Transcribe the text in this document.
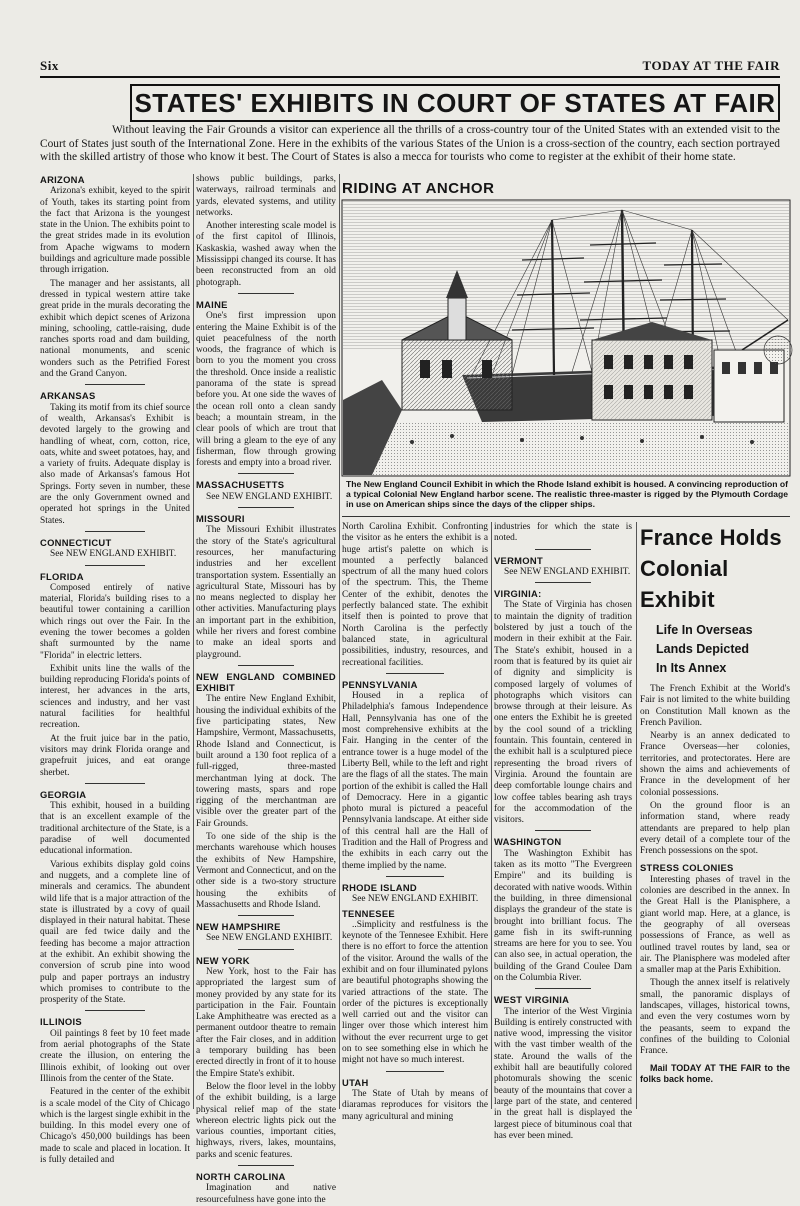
Six	TODAY AT THE FAIR
STATES' EXHIBITS IN COURT OF STATES AT FAIR

Without leaving the Fair Grounds a visitor can experience all the thrills of a cross-country tour of the United States with an extended visit to the Court of States just south of the International Zone. Here in the exhibits of the various States of the Union is a cross-section of the country, each section portrayed with the skilled artistry of those who know it best. The Court of States is also a mecca for tourists who come to register at the exhibit of their home state.

ARIZONA

Arizona's exhibit, keyed to the spirit of Youth, takes its starting point from the fact that Arizona is the youngest state in the Union. The exhibits point to the great strides made in its evolution from Apache wigwams to modern buildings and agriculture made possible through irrigation.

The manager and her assistants, all dressed in typical western attire take great pride in the murals decorating the exhibit which depict scenes of Arizona mining, schooling, cattle-raising, dude ranches sports road and dam building, national monuments, and scenic wonders such as the Petrified Forest and the Grand Canyon.

ARKANSAS

Taking its motif from its chief source of wealth, Arkansas's Exhibit is devoted largely to the growing and handling of wheat, corn, cotton, rice, oats, white and sweet potatoes, hay, and a variety of fruits. Adequate display is also made of Arkansas's famous Hot Springs. Forty seven in number, these are the only Government owned and operated hot springs in the United States.

CONNECTICUT

See NEW ENGLAND EXHIBIT.

FLORIDA

Composed entirely of native material, Florida's building rises to a beautiful tower containing a carillion which rings out over the Fair. In the evening the tower becomes a golden shaft surmounted by the name "Florida" in electric letters.

Exhibit units line the walls of the building reproducing Florida's points of interest, her advances in the arts, sciences and industry, and her vast natural facilities for healthful recreation.

At the fruit juice bar in the patio, visitors may drink Florida orange and grapefruit juices, and eat orange sherbet.

GEORGIA

This exhibit, housed in a building that is an excellent example of the traditional architecture of the State, is a paradise of well documented educational information.

Various exhibits display gold coins and nuggets, and a complete line of minerals and ceramics. The abundent wild life that is a major attraction of the state is illustrated by a covy of quail displayed in their natural habitat. These quail are fed twice daily and the feeding has become a major attraction at the exhibit. An exhibit showing the conversion of scrub pine into wood pulp and paper portrays an industry which promises to contribute to the prosperity of the State.

ILLINOIS

Oil paintings 8 feet by 10 feet made from aerial photographs of the State create the illusion, on entering the Illinois exhibit, of looking out over Illinois from the center of the State.

Featured in the center of the exhibit is a scale model of the City of Chicago which is the largest single exhibit in the building. In this model every one of Chicago's 450,000 buildings has been made to scale and placed in location. It is fully detailed and

shows public buildings, parks, waterways, railroad terminals and yards, elevated systems, and utility networks.

Another interesting scale model is of the first capitol of Illinois, Kaskaskia, washed away when the Mississippi changed its course. It has been reconstructed from an old photograph.

MAINE

One's first impression upon entering the Maine Exhibit is of the quiet peacefulness of the north woods, the fragrance of which is born to you the moment you cross the threshold. Once inside a realistic panorama of the state is spread before you. At one side the waves of the ocean roll onto a clean sandy beach; a mountain stream, in the clear pools of which are trout that will bring a gleam to the eye of any fisherman, flow through growing forests and empty into a broad river.

MASSACHUSETTS

See NEW ENGLAND EXHIBIT.

MISSOURI

The Missouri Exhibit illustrates the story of the State's agricultural resources, her manufacturing industries and her excellent transportation system. Essentially an agricultural State, Missouri has by no means neglected to display her other activities. Manufacturing plays an important part in the exhibition, while her rivers and forest combine to make an ideal sports and playground.

NEW ENGLAND COMBINED EXHIBIT

The entire New England Exhibit, housing the individual exhibits of the five participating states, New Hampshire, Vermont, Massachusetts, Rhode Island and Connecticut, is built around a 130 foot replica of a full-rigged, three-masted merchantman lying at dock. The towering masts, spars and rope rigging of the merchantman are visible over the greater part of the Fair Grounds.

To one side of the ship is the merchants warehouse which houses the exhibits of New Hampshire, Vermont and Connecticut, and on the other side is a two-story structure housing the exhibits of Massachusetts and Rhode Island.

NEW HAMPSHIRE

See NEW ENGLAND EXHIBIT.

NEW YORK

New York, host to the Fair has appropriated the largest sum of money provided by any state for its participation in the Fair. Fountain Lake Amphitheatre was erected as a permanent outdoor theatre to remain after the Fair closes, and in addition a temporary building has been erected directly in front of it to house the Empire State's exhibit.

Below the floor level in the lobby of the exhibit building, is a large physical relief map of the state whereon electric lights pick out the various counties, important cities, highways, rivers, lakes, mountains, parks and scenic features.

NORTH CAROLINA

Imagination and native resourcefulness have gone into the

RIDING AT ANCHOR

The New England Council Exhibit in which the Rhode Island exhibit is housed. A convincing reproduction of a typical Colonial New England harbor scene. The realistic three-master is rigged by the Plymouth Cordage in use on American ships since the days of the clipper ships.

North Carolina Exhibit. Confronting the visitor as he enters the exhibit is a huge artist's palette on which is mounted a perfectly balanced spectrum of all the many hued colors of the spectrum. This, the Theme Center of the exhibit, denotes the perfectly balanced state. The exhibit itself then is pointed to prove that North Carolina is the perfectly balanced state, in agricultural possibilities, industry, resources, and recreational facilities.

PENNSYLVANIA

Housed in a replica of Philadelphia's famous Independence Hall, Pennsylvania has one of the most comprehensive exhibits at the Fair. Hanging in the center of the entrance tower is a huge model of the Liberty Bell, while to the left and right are the flags of all the states. The main portion of the exhibit is called the Hall of Democracy. Here in a gigantic photo mural is pictured a peaceful Pennsylvania landscape. At either side of this central hall are the Hall of Tradition and the Hall of Progress and the exhibits in each carry out the theme implied by the name.

RHODE ISLAND

See NEW ENGLAND EXHIBIT.

TENNESEE

..Simplicity and restfulness is the keynote of the Tennesee Exhibit. Here there is no effort to force the attention of the visitor. Around the walls of the exhibit and on four illuminated pylons are beautiful photographs showing the varied attractions of the state. The order of the pictures is exceptionally well carried out and the visitor can linger over those which interest him without the ever recurrent urge to get on to see something else in which he might not have so much interest.

UTAH

The State of Utah by means of diaramas reproduces for visitors the many agricultural and mining

industries for which the state is noted.

VERMONT

See NEW ENGLAND EXHIBIT.

VIRGINIA:

The State of Virginia has chosen to maintain the dignity of tradition bolstered by just a touch of the modern in their exhibit at the Fair. The State's exhibit, housed in a room that is featured by its quiet air of dignity and simplicity is composed largely of volumes of photographs which visitors can browse through at their leisure. As one enters the Exhibit he is greeted by the cool sound of a trickling fountain. This fountain, centered in the exhibit hall is a sculptured piece representing the broad rivers of Virginia. Around the fountain are deep comfortable lounge chairs and low coffee tables bearing ash trays for the accommodation of the visitors.

WASHINGTON

The Washington Exhibit has taken as its motto "The Evergreen Empire" and its building is decorated with native woods. Within the building, in three dimensional displays the grandeur of the state is brought into brilliant focus. The game fish in its swift-running streams are here for you to see. You can also see, in actual operation, the building of the Grand Coulee Dam on the Columbia River.

WEST VIRGINIA

The interior of the West Virginia Building is entirely constructed with native wood, impressing the visitor with the vast timber wealth of the state. Around the walls of the exhibit hall are beautifully colored photomurals showing the scenic beauty of the mountains that cover a large part of the state, and centered in the great hall is displayed the largest piece of bituminous coal that has ever been mined.

France Holds
Colonial
Exhibit
Life In Overseas
Lands Depicted
In Its Annex

The French Exhibit at the World's Fair is not limited to the white building on Constitution Mall known as the French Pavilion.

Nearby is an annex dedicated to France Overseas—her colonies, territories, and protectorates. Here are shown the aims and achievements of France in the development of her colonial possessions.

On the ground floor is an information stand, where ready attendants are prepared to help plan every detail of a complete tour of the French possessions on the spot.

STRESS COLONIES

Interesting phases of travel in the colonies are described in the annex. In the Great Hall is the Planisphere, a giant world map. Here, at a glance, is the geography of all overseas possessions of France, as well as outlined travel routes by land, sea or air. The Planisphere was modeled after a smaller map at the Paris Exhibition.

Though the annex itself is relatively small, the panoramic displays of landscapes, villages, historical towns, and even the very costumes worn by the peasants, seem to expand the confines of the building to Colonial France.

Mail TODAY AT THE FAIR to the folks back home.
